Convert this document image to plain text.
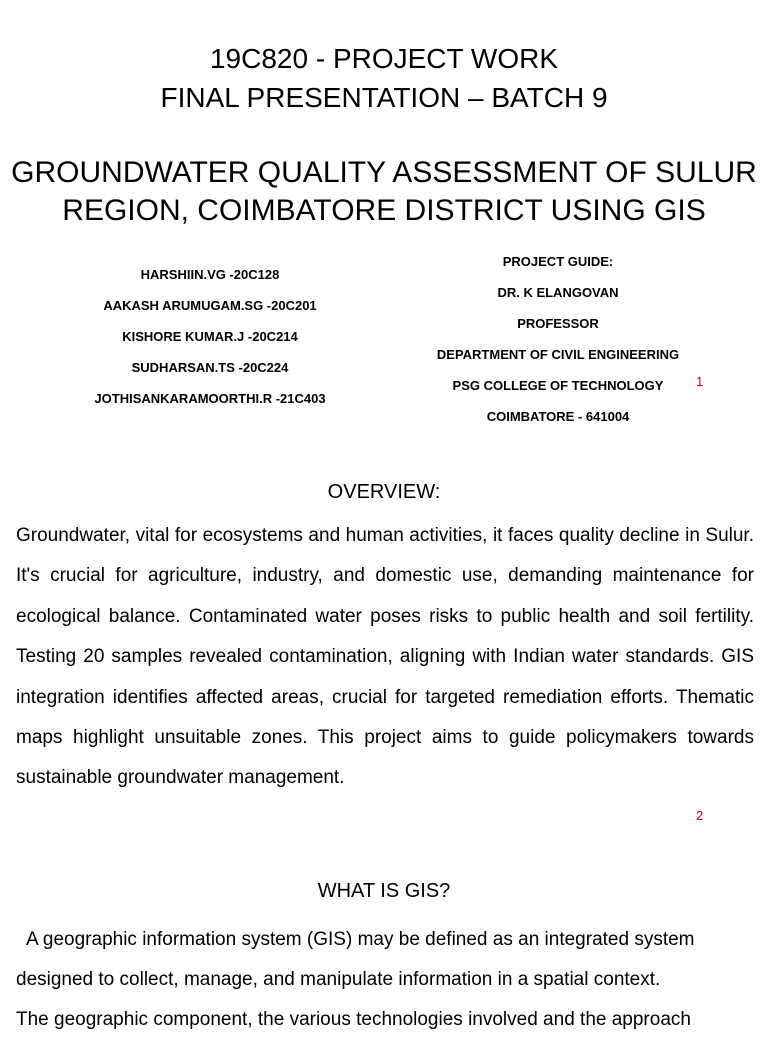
19C820 - PROJECT WORK
FINAL PRESENTATION – BATCH 9
GROUNDWATER QUALITY ASSESSMENT OF SULUR
REGION, COIMBATORE DISTRICT USING GIS
HARSHIIN.VG -20C128
AAKASH ARUMUGAM.SG -20C201
KISHORE KUMAR.J -20C214
SUDHARSAN.TS -20C224
JOTHISANKARAMOORTHI.R -21C403
PROJECT GUIDE:
DR. K ELANGOVAN
PROFESSOR
DEPARTMENT OF CIVIL ENGINEERING
PSG COLLEGE OF TECHNOLOGY
COIMBATORE - 641004
1
OVERVIEW:

Groundwater, vital for ecosystems and human activities, it faces quality decline in Sulur. It's crucial for agriculture, industry, and domestic use, demanding maintenance for ecological balance. Contaminated water poses risks to public health and soil fertility. Testing 20 samples revealed contamination, aligning with Indian water standards. GIS integration identifies affected areas, crucial for targeted remediation efforts. Thematic maps highlight unsuitable zones. This project aims to guide policymakers towards sustainable groundwater management.

2
WHAT IS GIS?

A geographic information system (GIS) may be defined as an integrated system
designed to collect, manage, and manipulate information in a spatial context.
The geographic component, the various technologies involved and the approach
